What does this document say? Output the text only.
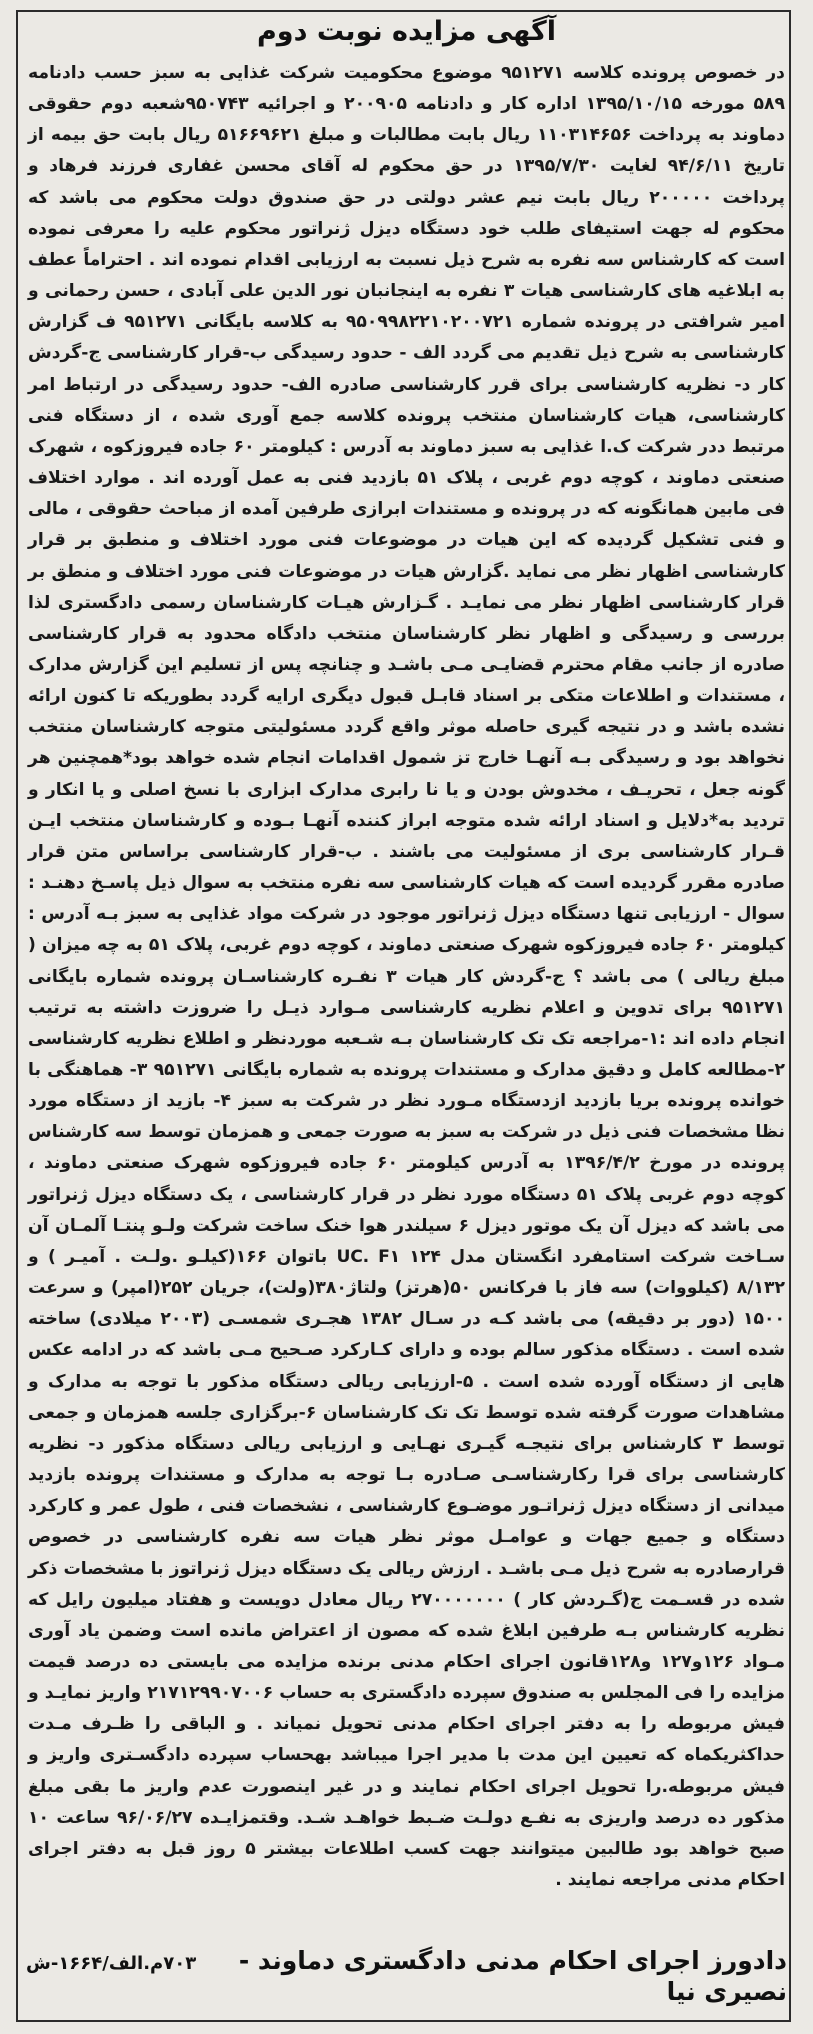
آگهی مزایده نوبت دوم
در خصوص پرونده کلاسه ۹۵۱۲۷۱ موضوع محکومیت شرکت غذایی به سبز حسب دادنامه ۵۸۹ مورخه ۱۳۹۵/۱۰/۱۵ اداره کار و دادنامه ۲۰۰۹۰۵ و اجرائیه ۹۵۰۷۴۳شعبه دوم حقوقی دماوند به پرداخت ۱۱۰۳۱۴۶۵۶ ریال بابت مطالبات و مبلغ ۵۱۶۶۹۶۲۱ ریال بابت حق بیمه از تاریخ ۹۴/۶/۱۱ لغایت ۱۳۹۵/۷/۳۰ در حق محکوم له آقای محسن غفاری فرزند فرهاد و پرداخت ۲۰۰۰۰۰ ریال بابت نیم عشر دولتی در حق صندوق دولت محکوم می باشد که محکوم له جهت استیفای طلب خود دستگاه دیزل ژنراتور محکوم علیه را معرفی نموده است که کارشناس سه نفره به شرح ذیل نسبت به ارزیابی اقدام نموده اند . احتراماً عطف به ابلاغیه های کارشناسی هیات ۳ نفره به اینجانبان نور الدین علی آبادی ، حسن رحمانی و امیر شرافتی در پرونده شماره ۹۵۰۹۹۸۲۲۱۰۲۰۰۷۲۱ به کلاسه بایگانی ۹۵۱۲۷۱ ف گزارش کارشناسی به شرح ذیل تقدیم می گردد الف - حدود رسیدگی ب-قرار کارشناسی ج-گردش کار د- نظریه کارشناسی برای قرر کارشناسی صادره الف- حدود رسیدگی در ارتباط امر کارشناسی، هیات کارشناسان منتخب پرونده کلاسه جمع آوری شده ، از دستگاه فنی مرتبط ددر شرکت ک.ا غذایی به سبز دماوند به آدرس : کیلومتر ۶۰ جاده فیروزکوه ، شهرک صنعتی دماوند ، کوچه دوم غربی ، پلاک ۵۱ بازدید فنی به عمل آورده اند . موارد اختلاف فی مابین همانگونه که در پرونده و مستندات ابرازی طرفین آمده از مباحث حقوقی ، مالی و فنی تشکیل گردیده که این هیات در موضوعات فنی مورد اختلاف و منطبق بر قرار کارشناسی اظهار نظر می نماید .گزارش هیات در موضوعات فنی مورد اختلاف و منطق بر قرار کارشناسی اظهار نظر می نمایـد . گـزارش هیـات کارشناسان رسمی دادگستری لذا بررسی و رسیدگی و اظهار نظر کارشناسان منتخب دادگاه محدود به قرار کارشناسی صادره از جانب مقام محترم قضایـی مـی باشـد و چنانچه پس از تسلیم این گزارش مدارک ، مستندات و اطلاعات متکی بر اسناد قابـل قبول دیگری ارایه گردد بطوریکه تا کنون ارائه نشده باشد و در نتیجه گیری حاصله موثر واقع گردد مسئولیتی متوجه کارشناسان منتخب نخواهد بود و رسیدگی بـه آنهـا خارج تز شمول اقدامات انجام شده خواهد بود*همچنین هر گونه جعل ، تحریـف ، مخدوش بودن و یا نا رابری مدارک ابزاری با نسخ اصلی و یا انکار و تردید به*دلایل و اسناد ارائه شده متوجه ابراز کننده آنهـا بـوده و کارشناسان منتخب ایـن قـرار کارشناسی بری از مسئولیت می باشند . ب-قرار کارشناسی براساس متن قرار صادره مقرر گردیده است که هیات کارشناسی سه نفره منتخب به سوال ذیل پاسـخ دهنـد : سوال - ارزیابی تنها دستگاه دیزل ژنراتور موجود در شرکت مواد غذایی به سبز بـه آدرس : کیلومتر ۶۰ جاده فیروزکوه شهرک صنعتی دماوند ، کوچه دوم غربی، پلاک ۵۱ به چه میزان ( مبلغ ریالی ) می باشد ؟ ج-گردش کار هیات ۳ نفـره کارشناسـان پرونده شماره بایگانی ۹۵۱۲۷۱ برای تدوین و اعلام نظریه کارشناسی مـوارد ذیـل را ضروزت داشته به ترتیب انجام داده اند :۱-مراجعه تک تک کارشناسان بـه شـعبه موردنظر و اطلاع نظریه کارشناسی ۲-مطالعه کامل و دقیق مدارک و مستندات پرونده به شماره بایگانی ۹۵۱۲۷۱ ۳- هماهنگی با خوانده پرونده بریا بازدید ازدستگاه مـورد نظر در شرکت به سبز ۴- بازید از دستگاه مورد نظا مشخصات فنی ذیل در شرکت به سبز به صورت جمعی و همزمان توسط سه کارشناس پرونده در مورخ ۱۳۹۶/۴/۲ به آدرس کیلومتر ۶۰ جاده فیروزکوه شهرک صنعتی دماوند ، کوچه دوم غربی پلاک ۵۱ دستگاه مورد نظر در قرار کارشناسی ، یک دستگاه دیزل ژنراتور می باشد که دیزل آن یک موتور دیزل ۶ سیلندر هوا خنک ساخت شرکت ولـو پنتـا آلمـان آن سـاخت شرکت استامفرد انگستان مدل UC. F۱ ۱۲۴ باتوان ۱۶۶(کیلـو .ولـت . آمیـر ) و ۸/۱۳۲ (کیلووات) سه فاز با فرکانس ۵۰(هرتز) ولتاژ۳۸۰(ولت)، جریان ۲۵۲(امپر) و سرعت ۱۵۰۰ (دور بر دقیقه) می باشد کـه در سـال ۱۳۸۲ هجـری شمسـی (۲۰۰۳ میلادی) ساخته شده است . دستگاه مذکور سالم بوده و دارای کـارکرد صـحیح مـی باشد که در ادامه عکس هایی از دستگاه آورده شده است . ۵-ارزیابی ریالی دستگاه مذکور با توجه به مدارک و مشاهدات صورت گرفته شده توسط تک تک کارشناسان ۶-برگزاری جلسه همزمان و جمعی توسط ۳ کارشناس برای نتیجـه گیـری نهـایی و ارزیابی ریالی دستگاه مذکور د- نظریه کارشناسی برای قرا رکارشناسـی صـادره بـا توجه به مدارک و مستندات پرونده بازدید میدانی از دستگاه دیزل ژنراتـور موضـوع کارشناسی ، نشخصات فنی ، طول عمر و کارکرد دستگاه و جمیع جهات و عوامـل موثر نظر هیات سه نفره کارشناسی در خصوص قرارصادره به شرح ذیل مـی باشـد . ارزش ریالی یک دستگاه دیزل ژنراتوز با مشخصات ذکر شده در قسـمت ج(گـردش کار ) ۲۷۰۰۰۰۰۰۰ ریال معادل دویست و هفتاد میلیون رایل که نظریه کارشناس بـه طرفین ابلاغ شده که مصون از اعتراض مانده است وضمن یاد آوری مـواد ۱۲۶و۱۲۷ و۱۲۸قانون اجرای احکام مدنی برنده مزایده می بایستی ده درصد قیمت مزایده را فی المجلس به صندوق سپرده دادگستری به حساب ۲۱۷۱۲۹۹۰۷۰۰۶ واریز نمایـد و فیش مربوطه را به دفتر اجرای احکام مدنی تحویل نمیاند . و الباقی را ظـرف مـدت حداکثریکماه که تعیین این مدت با مدیر اجرا میباشد بهحساب سپرده دادگسـتری واریز و فیش مربوطه.را تحویل اجرای احکام نمایند و در غیر اینصورت عدم واریز ما بقی مبلغ مذکور ده درصد واریزی به نفـع دولـت ضـبط خواهـد شـد. وقتمزایـده ۹۶/۰۶/۲۷ ساعت ۱۰ صبح خواهد بود طالبین میتوانند جهت کسب اطلاعات بیشتر ۵ روز قبل به دفتر اجرای احکام مدنی مراجعه نمایند .
دادورز اجرای احکام مدنی دادگستری دماوند -
۷۰۳م.الف/۱۶۶۴-ش
نصیری نیا
